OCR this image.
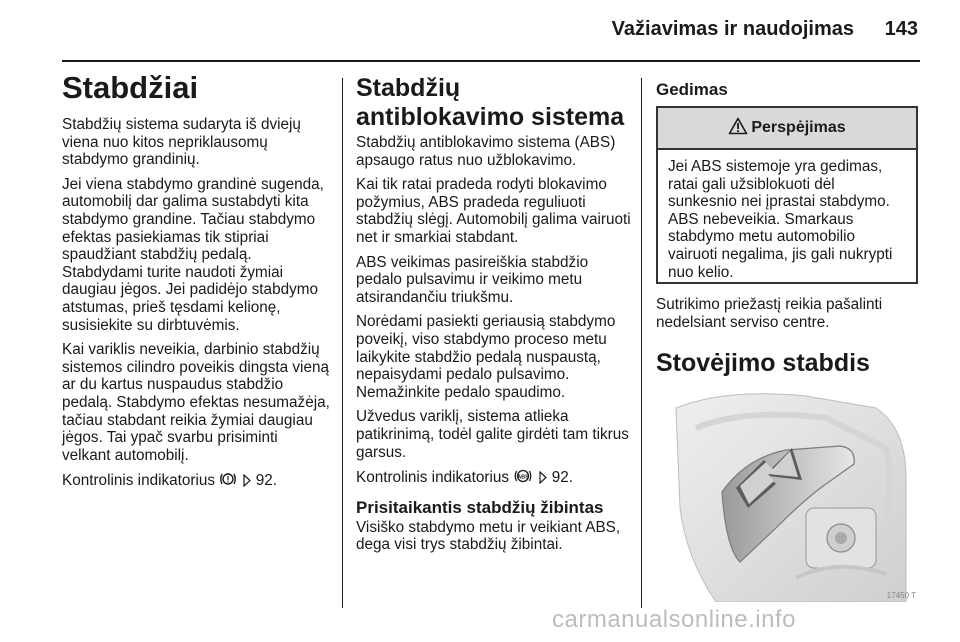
Važiavimas ir naudojimas 143
Stabdžiai

Stabdžių sistema sudaryta iš dviejų viena nuo kitos nepriklausomų stabdymo grandinių.

Jei viena stabdymo grandinė sugenda, automobilį dar galima sustabdyti kita stabdymo grandine. Tačiau stabdymo efektas pasiekiamas tik stipriai spaudžiant stabdžių pedalą. Stabdydami turite naudoti žymiai daugiau jėgos. Jei padidėjo stabdymo atstumas, prieš tęsdami kelionę, susisiekite su dirbtuvėmis.

Kai variklis neveikia, darbinio stabdžių sistemos cilindro poveikis dingsta vieną ar du kartus nuspaudus stabdžio pedalą. Stabdymo efektas nesumažėja, tačiau stabdant reikia žymiai daugiau jėgos. Tai ypač svarbu prisiminti velkant automobilį.

Kontrolinis indikatorius ! 92.

Stabdžių antiblokavimo sistema

Stabdžių antiblokavimo sistema (ABS) apsaugo ratus nuo užblokavimo.

Kai tik ratai pradeda rodyti blokavimo požymius, ABS pradeda reguliuoti stabdžių slėgį. Automobilį galima vairuoti net ir smarkiai stabdant.

ABS veikimas pasireiškia stabdžio pedalo pulsavimu ir veikimo metu atsirandančiu triukšmu.

Norėdami pasiekti geriausią stabdymo poveikį, viso stabdymo proceso metu laikykite stabdžio pedalą nuspaustą, nepaisydami pedalo pulsavimo. Nemažinkite pedalo spaudimo.

Užvedus variklį, sistema atlieka patikrinimą, todėl galite girdėti tam tikrus garsus.

Kontrolinis indikatorius ABS 92.

Prisitaikantis stabdžių žibintas

Visiško stabdymo metu ir veikiant ABS, dega visi trys stabdžių žibintai.

Gedimas
Perspėjimas

Jei ABS sistemoje yra gedimas, ratai gali užsiblokuoti dėl sunkesnio nei įprastai stabdymo. ABS nebeveikia. Smarkaus stabdymo metu automobilio vairuoti negalima, jis gali nukrypti nuo kelio.

Sutrikimo priežastį reikia pašalinti nedelsiant serviso centre.

Stovėjimo stabdis
17450 T
carmanualsonline.info
